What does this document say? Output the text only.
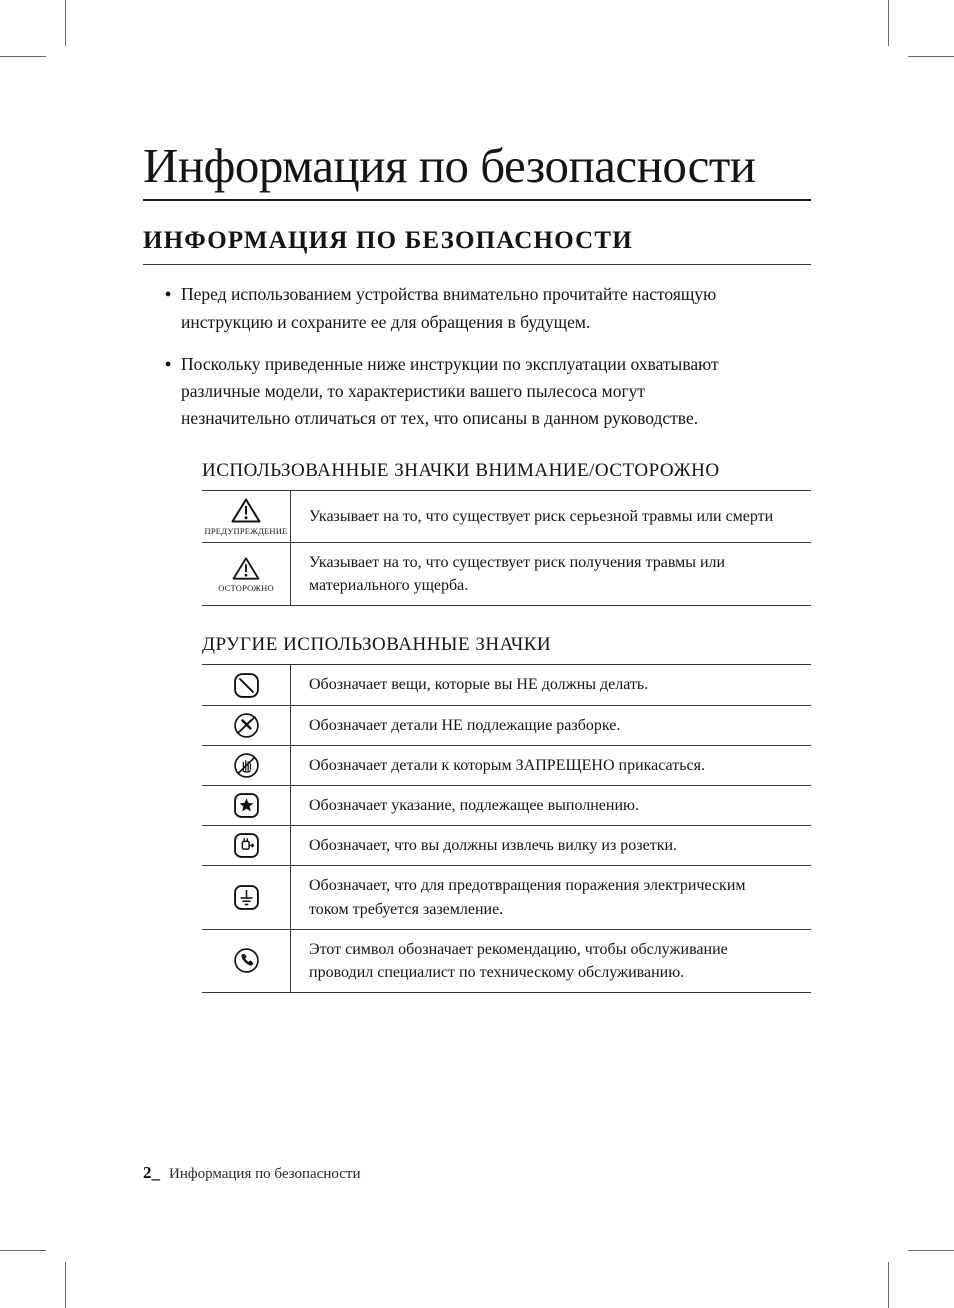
Информация по безопасности
ИНФОРМАЦИЯ ПО БЕЗОПАСНОСТИ
• Перед использованием устройства внимательно прочитайте настоящую инструкцию и сохраните ее для обращения в будущем.
• Поскольку приведенные ниже инструкции по эксплуатации охватывают различные модели, то характеристики вашего пылесоса могут незначительно отличаться от тех, что описаны в данном руководстве.
ИСПОЛЬЗОВАННЫЕ ЗНАЧКИ ВНИМАНИЕ/ОСТОРОЖНО
ПРЕДУПРЕЖДЕНИЕ
Указывает на то, что существует риск серьезной травмы или смерти
ОСТОРОЖНО
Указывает на то, что существует риск получения травмы или материального ущерба.
ДРУГИЕ ИСПОЛЬЗОВАННЫЕ ЗНАЧКИ
Обозначает вещи, которые вы НЕ должны делать.
Обозначает детали НЕ подлежащие разборке.
Обозначает детали к которым ЗАПРЕЩЕНО прикасаться.
Обозначает указание, подлежащее выполнению.
Обозначает, что вы должны извлечь вилку из розетки.
Обозначает, что для предотвращения поражения электрическим током требуется заземление.
Этот символ обозначает рекомендацию, чтобы обслуживание проводил специалист по техническому обслуживанию.
2_ Информация по безопасности
